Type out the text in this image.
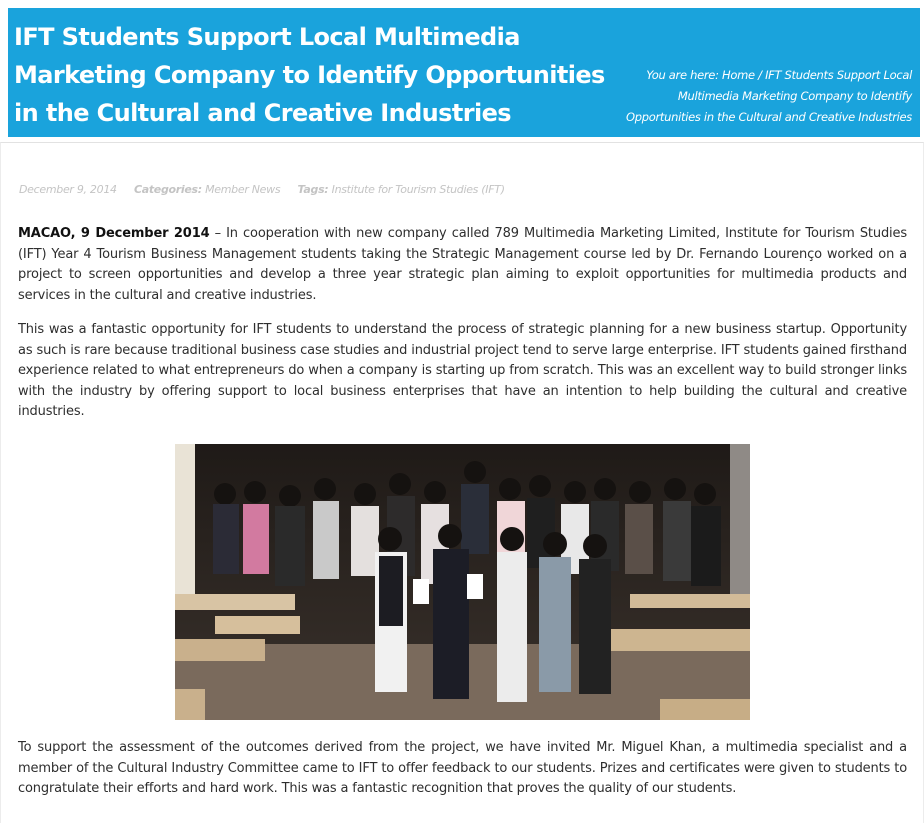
IFT Students Support Local Multimedia Marketing Company to Identify Opportunities in the Cultural and Creative Industries
You are here: Home / IFT Students Support Local Multimedia Marketing Company to Identify Opportunities in the Cultural and Creative Industries
December 9, 2014 Categories: Member News Tags: Institute for Tourism Studies (IFT)

MACAO, 9 December 2014 – In cooperation with new company called 789 Multimedia Marketing Limited, Institute for Tourism Studies (IFT) Year 4 Tourism Business Management students taking the Strategic Management course led by Dr. Fernando Lourenço worked on a project to screen opportunities and develop a three year strategic plan aiming to exploit opportunities for multimedia products and services in the cultural and creative industries.

This was a fantastic opportunity for IFT students to understand the process of strategic planning for a new business startup. Opportunity as such is rare because traditional business case studies and industrial project tend to serve large enterprise. IFT students gained firsthand experience related to what entrepreneurs do when a company is starting up from scratch. This was an excellent way to build stronger links with the industry by offering support to local business enterprises that have an intention to help building the cultural and creative industries.

To support the assessment of the outcomes derived from the project, we have invited Mr. Miguel Khan, a multimedia specialist and a member of the Cultural Industry Committee came to IFT to offer feedback to our students. Prizes and certificates were given to students to congratulate their efforts and hard work. This was a fantastic recognition that proves the quality of our students.
